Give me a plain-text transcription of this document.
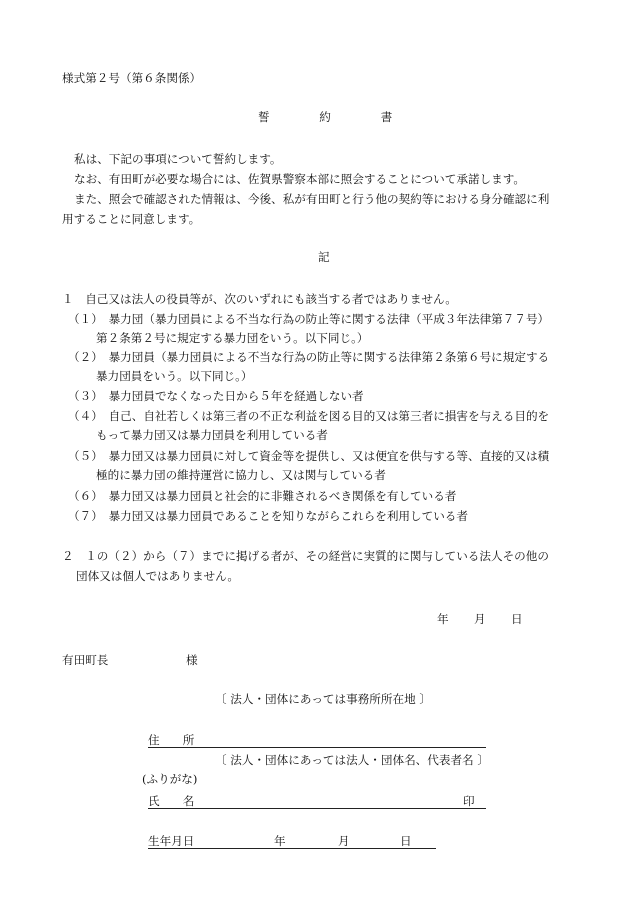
様式第２号（第６条関係）
誓	約	書
私は、下記の事項について誓約します。
なお、有田町が必要な場合には、佐賀県警察本部に照会することについて承諾します。
また、照会で確認された情報は、今後、私が有田町と行う他の契約等における身分確認に利
用することに同意します。
記
１　自己又は法人の役員等が、次のいずれにも該当する者ではありません。
（１）　暴力団（暴力団員による不当な行為の防止等に関する法律（平成３年法律第７７号）
第２条第２号に規定する暴力団をいう。以下同じ。）
（２）　暴力団員（暴力団員による不当な行為の防止等に関する法律第２条第６号に規定する
暴力団員をいう。以下同じ。）
（３）　暴力団員でなくなった日から５年を経過しない者
（４）　自己、自社若しくは第三者の不正な利益を図る目的又は第三者に損害を与える目的を
もって暴力団又は暴力団員を利用している者
（５）　暴力団又は暴力団員に対して資金等を提供し、又は便宜を供与する等、直接的又は積
極的に暴力団の維持運営に協力し、又は関与している者
（６）　暴力団又は暴力団員と社会的に非難されるべき関係を有している者
（７）　暴力団又は暴力団員であることを知りながらこれらを利用している者
２　１の（２）から（７）までに掲げる者が、その経営に実質的に関与している法人その他の
団体又は個人ではありません。
年 月 日
有田町長	様
〔 法人・団体にあっては事務所所在地 〕
住　　所
〔 法人・団体にあっては法人・団体名、代表者名 〕
(ふりがな)
氏　　名	印
生年月日	年	月	日
